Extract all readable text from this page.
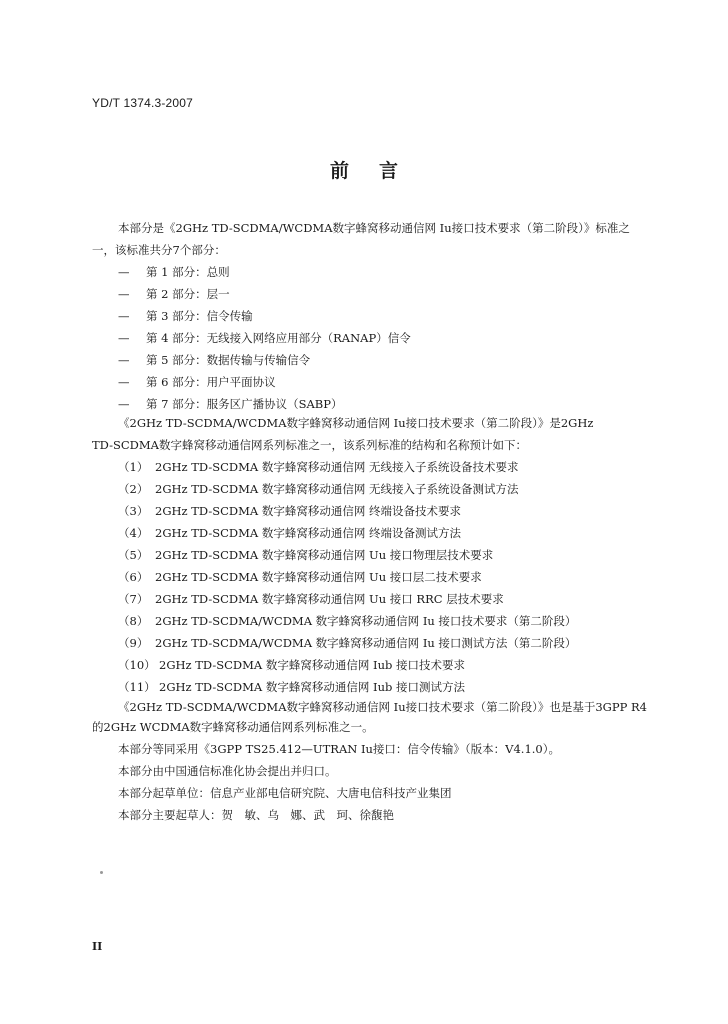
YD/T 1374.3-2007
前言
本部分是《2GHz TD-SCDMA/WCDMA数字蜂窝移动通信网 Iu接口技术要求（第二阶段）》标准之
一，该标准共分7个部分：
— 第 1 部分：总则
— 第 2 部分：层一
— 第 3 部分：信令传输
— 第 4 部分：无线接入网络应用部分（RANAP）信令
— 第 5 部分：数据传输与传输信令
— 第 6 部分：用户平面协议
— 第 7 部分：服务区广播协议（SABP）
《2GHz TD-SCDMA/WCDMA数字蜂窝移动通信网 Iu接口技术要求（第二阶段）》是2GHz
TD-SCDMA数字蜂窝移动通信网系列标准之一，该系列标准的结构和名称预计如下：
（1） 2GHz TD-SCDMA 数字蜂窝移动通信网 无线接入子系统设备技术要求
（2） 2GHz TD-SCDMA 数字蜂窝移动通信网 无线接入子系统设备测试方法
（3） 2GHz TD-SCDMA 数字蜂窝移动通信网 终端设备技术要求
（4） 2GHz TD-SCDMA 数字蜂窝移动通信网 终端设备测试方法
（5） 2GHz TD-SCDMA 数字蜂窝移动通信网 Uu 接口物理层技术要求
（6） 2GHz TD-SCDMA 数字蜂窝移动通信网 Uu 接口层二技术要求
（7） 2GHz TD-SCDMA 数字蜂窝移动通信网 Uu 接口 RRC 层技术要求
（8） 2GHz TD-SCDMA/WCDMA 数字蜂窝移动通信网 Iu 接口技术要求（第二阶段）
（9） 2GHz TD-SCDMA/WCDMA 数字蜂窝移动通信网 Iu 接口测试方法（第二阶段）
（10） 2GHz TD-SCDMA 数字蜂窝移动通信网 Iub 接口技术要求
（11） 2GHz TD-SCDMA 数字蜂窝移动通信网 Iub 接口测试方法
《2GHz TD-SCDMA/WCDMA数字蜂窝移动通信网 Iu接口技术要求（第二阶段）》也是基于3GPP R4
的2GHz WCDMA数字蜂窝移动通信网系列标准之一。
本部分等同采用《3GPP TS25.412—UTRAN Iu接口：信令传输》（版本：V4.1.0）。
本部分由中国通信标准化协会提出并归口。
本部分起草单位：信息产业部电信研究院、大唐电信科技产业集团
本部分主要起草人：贺　敏、乌　娜、武　珂、徐馥艳
II
